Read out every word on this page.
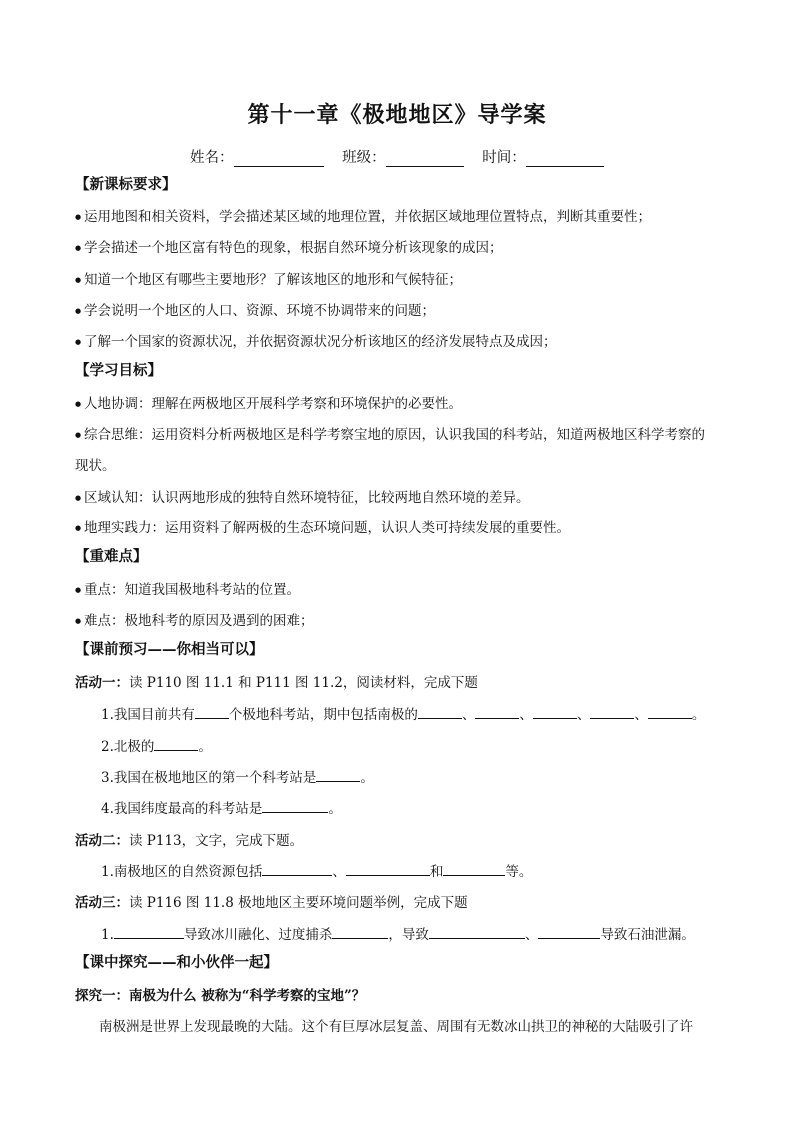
第十一章《极地地区》导学案
姓名：	班级：	时间：
【新课标要求】
●运用地图和相关资料，学会描述某区域的地理位置，并依据区域地理位置特点，判断其重要性；
●学会描述一个地区富有特色的现象，根据自然环境分析该现象的成因；
●知道一个地区有哪些主要地形？了解该地区的地形和气候特征；
●学会说明一个地区的人口、资源、环境不协调带来的问题；
●了解一个国家的资源状况，并依据资源状况分析该地区的经济发展特点及成因；
【学习目标】
●人地协调：理解在两极地区开展科学考察和环境保护的必要性。
●综合思维：运用资料分析两极地区是科学考察宝地的原因，认识我国的科考站，知道两极地区科学考察的
现状。
●区域认知：认识两地形成的独特自然环境特征，比较两地自然环境的差异。
●地理实践力：运用资料了解两极的生态环境问题，认识人类可持续发展的重要性。
【重难点】
●重点：知道我国极地科考站的位置。
●难点：极地科考的原因及遇到的困难；
【课前预习——你相当可以】
活动一：读 P110 图 11.1 和 P111 图 11.2，阅读材料，完成下题
1.我国目前共有	个极地科考站，期中包括南极的	、	、	、	、	。
2.北极的	。
3.我国在极地地区的第一个科考站是	。
4.我国纬度最高的科考站是	。
活动二：读 P113，文字，完成下题。
1.南极地区的自然资源包括	、	和	等。
活动三：读 P116 图 11.8 极地地区主要环境问题举例，完成下题
1.	导致冰川融化、过度捕杀	，导致	、	导致石油泄漏。
【课中探究——和小伙伴一起】
探究一：南极为什么 被称为“科学考察的宝地”？
南极洲是世界上发现最晚的大陆。这个有巨厚冰层复盖、周围有无数冰山拱卫的神秘的大陆吸引了许
